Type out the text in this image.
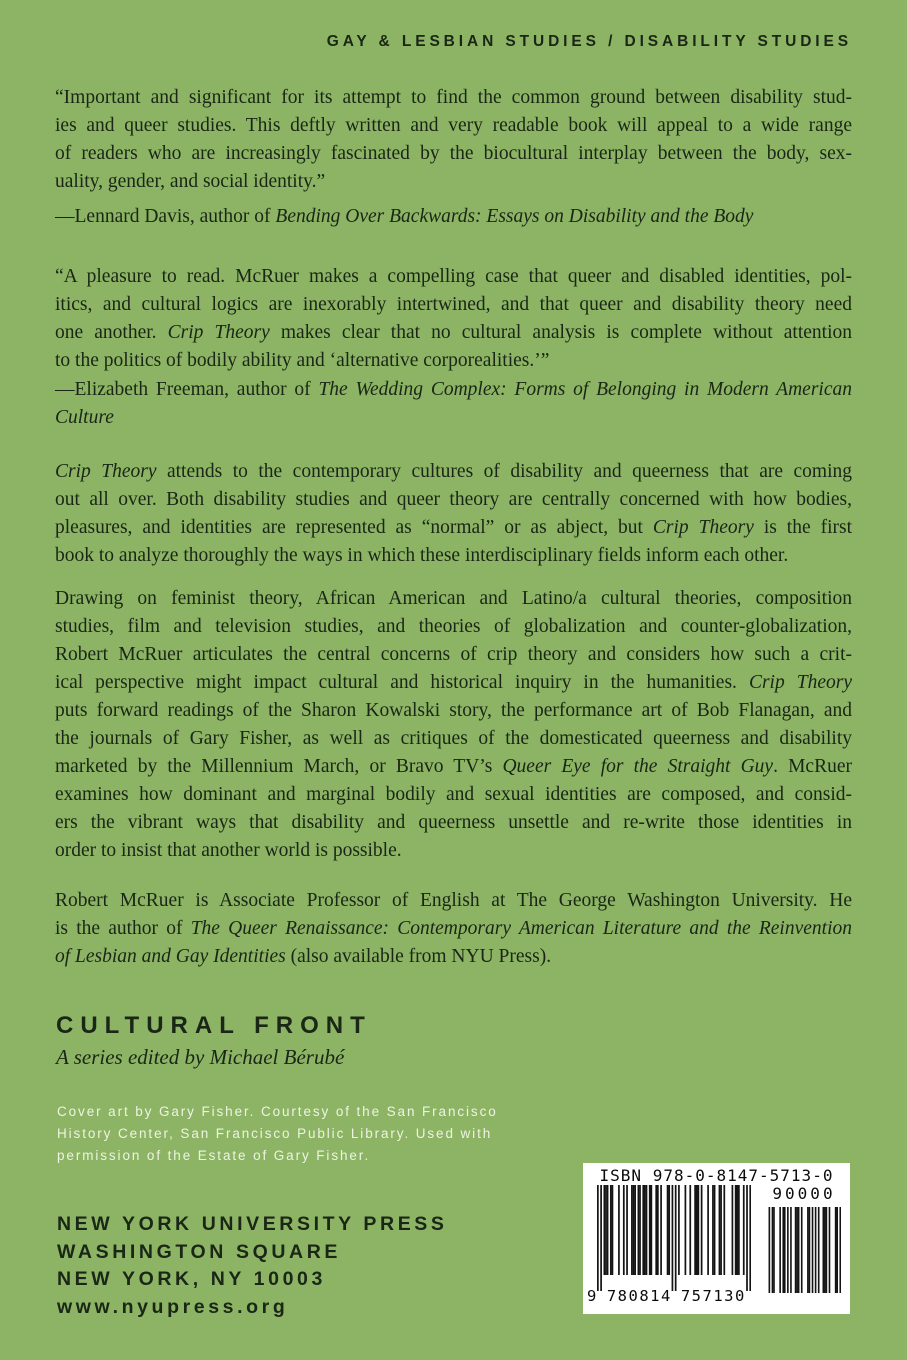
GAY & LESBIAN STUDIES / DISABILITY STUDIES
“Important and significant for its attempt to find the common ground between disability stud-
ies and queer studies. This deftly written and very readable book will appeal to a wide range
of readers who are increasingly fascinated by the biocultural interplay between the body, sex-
uality, gender, and social identity.”
—Lennard Davis, author of Bending Over Backwards: Essays on Disability and the Body
“A pleasure to read. McRuer makes a compelling case that queer and disabled identities, pol-
itics, and cultural logics are inexorably intertwined, and that queer and disability theory need
one another. Crip Theory makes clear that no cultural analysis is complete without attention
to the politics of bodily ability and ‘alternative corporealities.’”
—Elizabeth Freeman, author of The Wedding Complex: Forms of Belonging in Modern American
Culture
Crip Theory attends to the contemporary cultures of disability and queerness that are coming
out all over. Both disability studies and queer theory are centrally concerned with how bodies,
pleasures, and identities are represented as “normal” or as abject, but Crip Theory is the first
book to analyze thoroughly the ways in which these interdisciplinary fields inform each other.
Drawing on feminist theory, African American and Latino/a cultural theories, composition
studies, film and television studies, and theories of globalization and counter-globalization,
Robert McRuer articulates the central concerns of crip theory and considers how such a crit-
ical perspective might impact cultural and historical inquiry in the humanities. Crip Theory
puts forward readings of the Sharon Kowalski story, the performance art of Bob Flanagan, and
the journals of Gary Fisher, as well as critiques of the domesticated queerness and disability
marketed by the Millennium March, or Bravo TV’s Queer Eye for the Straight Guy. McRuer
examines how dominant and marginal bodily and sexual identities are composed, and consid-
ers the vibrant ways that disability and queerness unsettle and re-write those identities in
order to insist that another world is possible.
Robert McRuer is Associate Professor of English at The George Washington University. He
is the author of The Queer Renaissance: Contemporary American Literature and the Reinvention
of Lesbian and Gay Identities (also available from NYU Press).
CULTURAL FRONT
A series edited by Michael Bérubé
Cover art by Gary Fisher. Courtesy of the San Francisco
History Center, San Francisco Public Library. Used with
permission of the Estate of Gary Fisher.
NEW YORK UNIVERSITY PRESS
WASHINGTON SQUARE
NEW YORK, NY 10003
www.nyupress.org
ISBN 978-0-8147-5713-0
9 780814 757130
90000
